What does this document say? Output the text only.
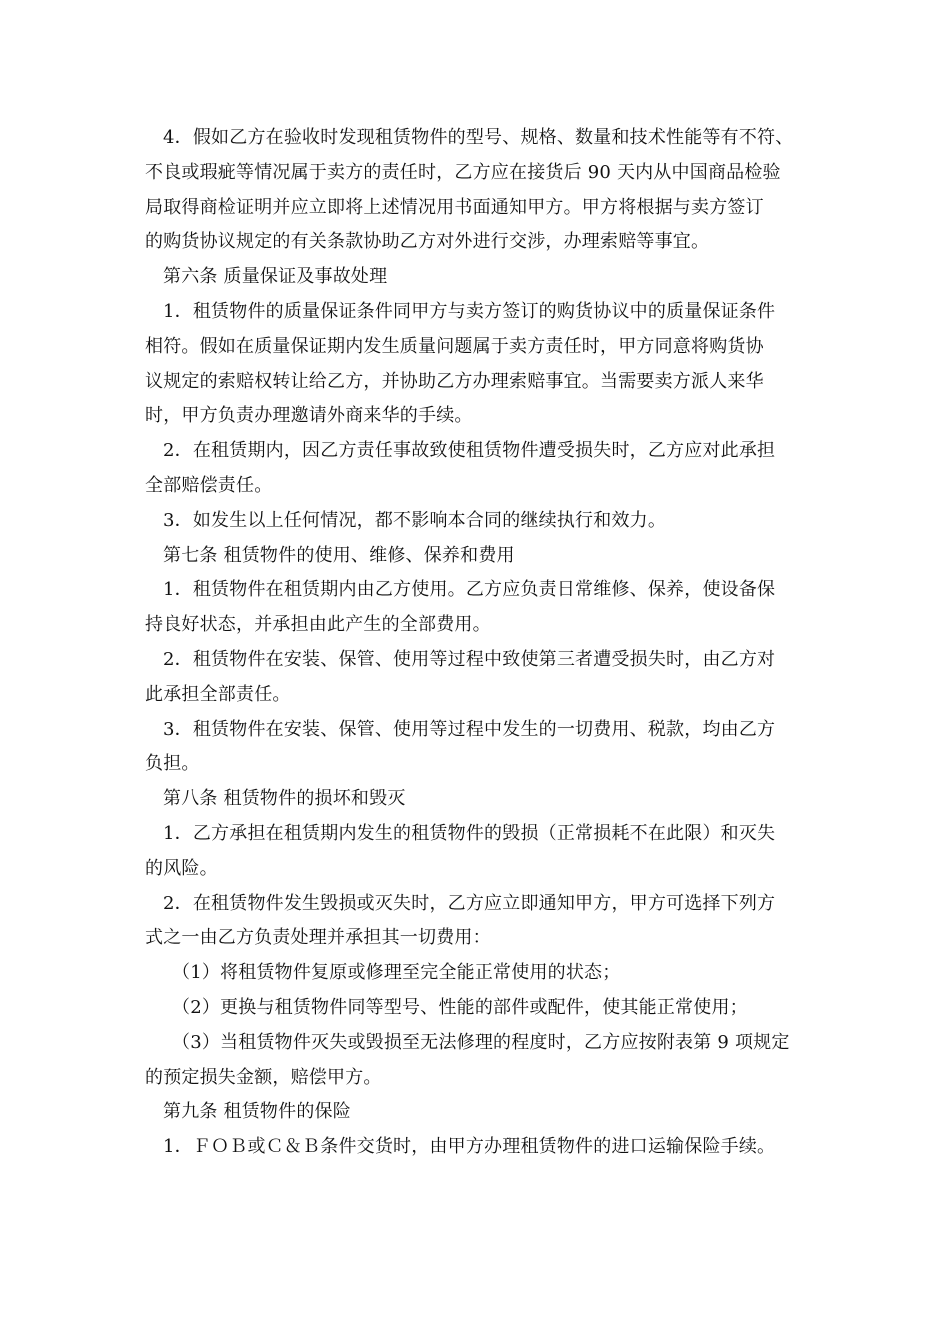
4．假如乙方在验收时发现租赁物件的型号、规格、数量和技术性能等有不符、
不良或瑕疵等情况属于卖方的责任时，乙方应在接货后 90 天内从中国商品检验
局取得商检证明并应立即将上述情况用书面通知甲方。甲方将根据与卖方签订
的购货协议规定的有关条款协助乙方对外进行交涉，办理索赔等事宜。
第六条 质量保证及事故处理
1．租赁物件的质量保证条件同甲方与卖方签订的购货协议中的质量保证条件
相符。假如在质量保证期内发生质量问题属于卖方责任时，甲方同意将购货协
议规定的索赔权转让给乙方，并协助乙方办理索赔事宜。当需要卖方派人来华
时，甲方负责办理邀请外商来华的手续。
2．在租赁期内，因乙方责任事故致使租赁物件遭受损失时，乙方应对此承担
全部赔偿责任。
3．如发生以上任何情况，都不影响本合同的继续执行和效力。
第七条 租赁物件的使用、维修、保养和费用
1．租赁物件在租赁期内由乙方使用。乙方应负责日常维修、保养，使设备保
持良好状态，并承担由此产生的全部费用。
2．租赁物件在安装、保管、使用等过程中致使第三者遭受损失时，由乙方对
此承担全部责任。
3．租赁物件在安装、保管、使用等过程中发生的一切费用、税款，均由乙方
负担。
第八条 租赁物件的损坏和毁灭
1．乙方承担在租赁期内发生的租赁物件的毁损（正常损耗不在此限）和灭失
的风险。
2．在租赁物件发生毁损或灭失时，乙方应立即通知甲方，甲方可选择下列方
式之一由乙方负责处理并承担其一切费用：
（1）将租赁物件复原或修理至完全能正常使用的状态；
（2）更换与租赁物件同等型号、性能的部件或配件，使其能正常使用；
（3）当租赁物件灭失或毁损至无法修理的程度时，乙方应按附表第 9 项规定
的预定损失金额，赔偿甲方。
第九条 租赁物件的保险
1．ＦＯＢ或Ｃ＆Ｂ条件交货时，由甲方办理租赁物件的进口运输保险手续。
